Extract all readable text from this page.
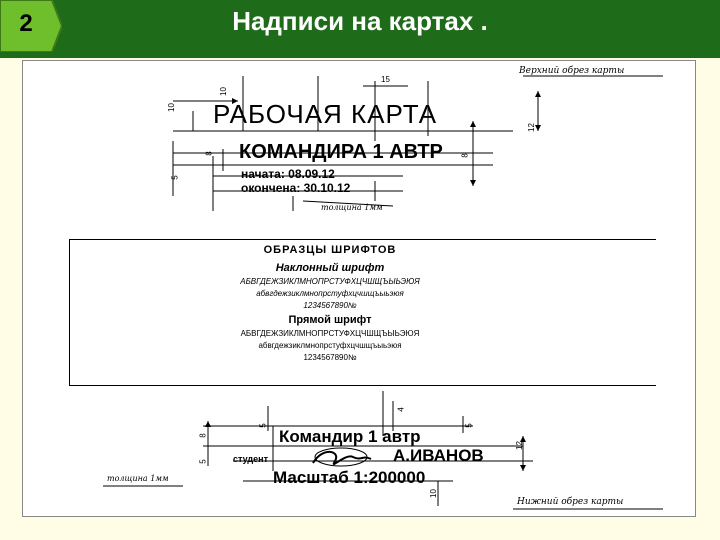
2	Надписи на картах .
10
10
15
12
8	8
5
РАБОЧАЯ КАРТА
КОМАНДИРА 1 АВТР
начата: 08.09.12
окончена: 30.10.12
Верхний обрез карты
толщина 1мм
ОБРАЗЦЫ ШРИФТОВ
Наклонный шрифт
АБВГДЕЖЗИКЛМНОПРСТУФХЦЧШЩЪЫЬЭЮЯ
абвгдежзиклмнопрстуфхцчшщъыьэюя
1234567890№
Прямой шрифт
АБВГДЕЖЗИКЛМНОПРСТУФХЦЧШЩЪЫЬЭЮЯ
абвгдежзиклмнопрстуфхцчшщъыьэюя
1234567890№
Командир 1 автр
студент	А.ИВАНОВ
Масштаб 1:200000
толщина 1мм
Нижний обрез карты
8
5
5
4
5
10
12
